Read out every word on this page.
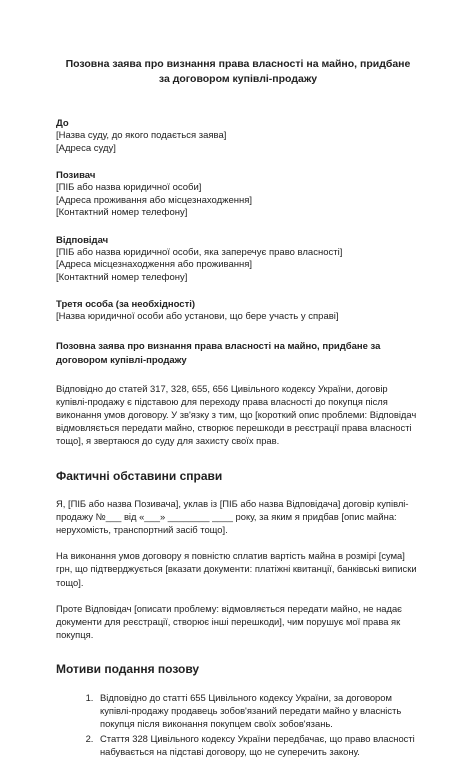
Позовна заява про визнання права власності на майно, придбане за договором купівлі-продажу
До
[Назва суду, до якого подається заява]
[Адреса суду]
Позивач
[ПІБ або назва юридичної особи]
[Адреса проживання або місцезнаходження]
[Контактний номер телефону]
Відповідач
[ПІБ або назва юридичної особи, яка заперечує право власності]
[Адреса місцезнаходження або проживання]
[Контактний номер телефону]
Третя особа (за необхідності)
[Назва юридичної особи або установи, що бере участь у справі]
Позовна заява про визнання права власності на майно, придбане за договором купівлі-продажу

Відповідно до статей 317, 328, 655, 656 Цивільного кодексу України, договір купівлі-продажу є підставою для переходу права власності до покупця після виконання умов договору. У зв'язку з тим, що [короткий опис проблеми: Відповідач відмовляється передати майно, створює перешкоди в реєстрації права власності тощо], я звертаюся до суду для захисту своїх прав.

Фактичні обставини справи

Я, [ПІБ або назва Позивача], уклав із [ПІБ або назва Відповідача] договір купівлі-продажу №___ від «___» ________ ____ року, за яким я придбав [опис майна: нерухомість, транспортний засіб тощо].

На виконання умов договору я повністю сплатив вартість майна в розмірі [сума] грн, що підтверджується [вказати документи: платіжні квитанції, банківські виписки тощо].

Проте Відповідач [описати проблему: відмовляється передати майно, не надає документи для реєстрації, створює інші перешкоди], чим порушує мої права як покупця.

Мотиви подання позову
1. Відповідно до статті 655 Цивільного кодексу України, за договором купівлі-продажу продавець зобов'язаний передати майно у власність покупця після виконання покупцем своїх зобов'язань.
2. Стаття 328 Цивільного кодексу України передбачає, що право власності набувається на підставі договору, що не суперечить закону.
